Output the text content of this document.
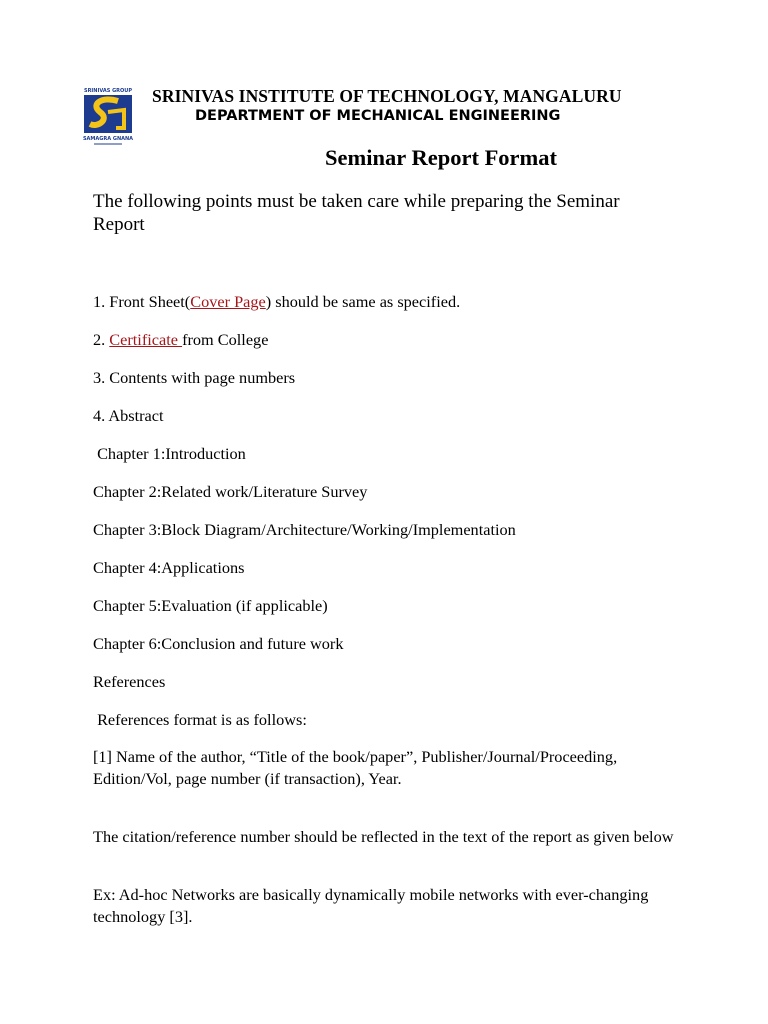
SRINIVAS GROUP
SAMAGRA GNANA
SRINIVAS INSTITUTE OF TECHNOLOGY, MANGALURU
DEPARTMENT OF MECHANICAL ENGINEERING
Seminar Report Format
The following points must be taken care while preparing the Seminar Report
1. Front Sheet(Cover Page) should be same as specified.
2. Certificate from College
3. Contents with page numbers
4. Abstract
Chapter 1:Introduction
Chapter 2:Related work/Literature Survey
Chapter 3:Block Diagram/Architecture/Working/Implementation
Chapter 4:Applications
Chapter 5:Evaluation (if applicable)
Chapter 6:Conclusion and future work
References
References format is as follows:
[1] Name of the author, “Title of the book/paper”, Publisher/Journal/Proceeding, Edition/Vol, page number (if transaction), Year.
The citation/reference number should be reflected in the text of the report as given below
Ex: Ad-hoc Networks are basically dynamically mobile networks with ever-changing technology [3].
